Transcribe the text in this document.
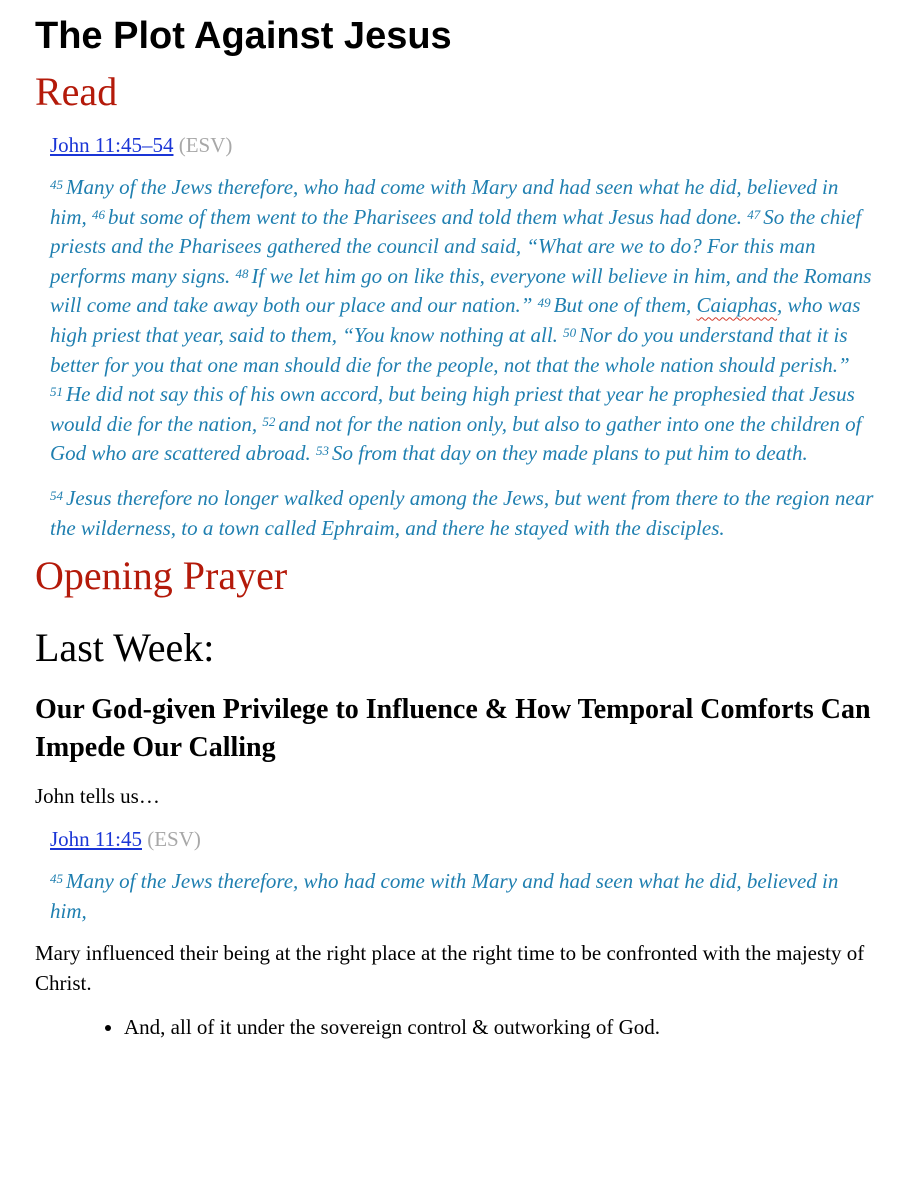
The Plot Against Jesus
Read
John 11:45–54 (ESV)

$^{45}$ Many of the Jews therefore, who had come with Mary and had seen what he did, believed in him, $^{46}$ but some of them went to the Pharisees and told them what Jesus had done. $^{47}$ So the chief priests and the Pharisees gathered the council and said, “What are we to do? For this man performs many signs. $^{48}$ If we let him go on like this, everyone will believe in him, and the Romans will come and take away both our place and our nation.” $^{49}$ But one of them, Caiaphas, who was high priest that year, said to them, “You know nothing at all. $^{50}$ Nor do you understand that it is better for you that one man should die for the people, not that the whole nation should perish.” $^{51}$ He did not say this of his own accord, but being high priest that year he prophesied that Jesus would die for the nation, $^{52}$ and not for the nation only, but also to gather into one the children of God who are scattered abroad. $^{53}$ So from that day on they made plans to put him to death.

$^{54}$ Jesus therefore no longer walked openly among the Jews, but went from there to the region near the wilderness, to a town called Ephraim, and there he stayed with the disciples.

Opening Prayer
Last Week:
Our God-given Privilege to Influence & How Temporal Comforts Can Impede Our Calling

John tells us…

John 11:45 (ESV)

$^{45}$ Many of the Jews therefore, who had come with Mary and had seen what he did, believed in him,

Mary influenced their being at the right place at the right time to be confronted with the majesty of Christ.

• And, all of it under the sovereign control & outworking of God.
